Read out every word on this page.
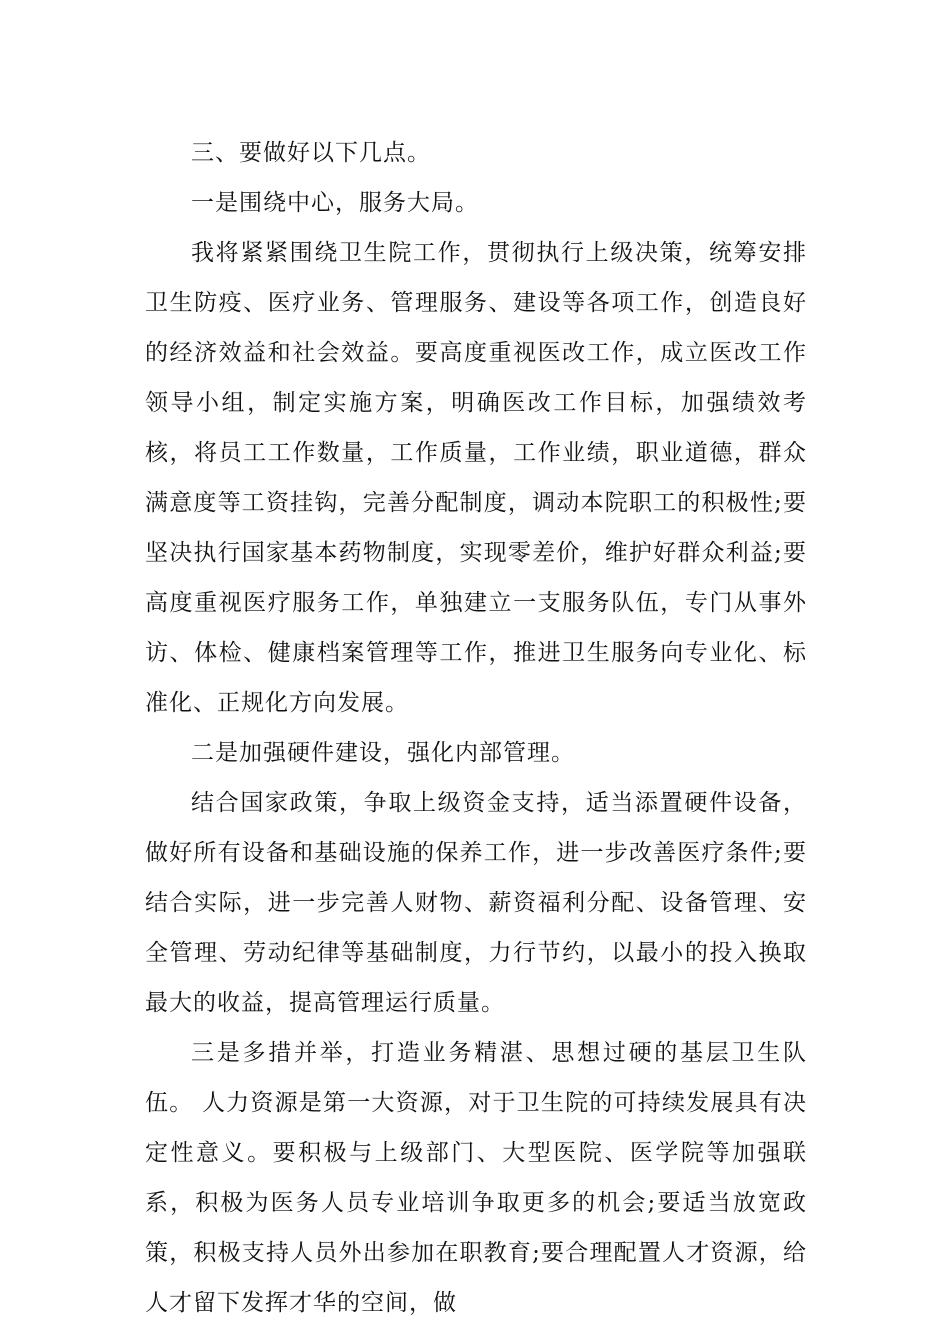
三、要做好以下几点。

一是围绕中心，服务大局。

我将紧紧围绕卫生院工作，贯彻执行上级决策，统筹安排卫生防疫、医疗业务、管理服务、建设等各项工作，创造良好的经济效益和社会效益。要高度重视医改工作，成立医改工作领导小组，制定实施方案，明确医改工作目标，加强绩效考核，将员工工作数量，工作质量，工作业绩，职业道德，群众满意度等工资挂钩，完善分配制度，调动本院职工的积极性;要坚决执行国家基本药物制度，实现零差价，维护好群众利益;要高度重视医疗服务工作，单独建立一支服务队伍，专门从事外访、体检、健康档案管理等工作，推进卫生服务向专业化、标准化、正规化方向发展。

二是加强硬件建设，强化内部管理。

结合国家政策，争取上级资金支持，适当添置硬件设备，做好所有设备和基础设施的保养工作，进一步改善医疗条件;要结合实际，进一步完善人财物、薪资福利分配、设备管理、安全管理、劳动纪律等基础制度，力行节约，以最小的投入换取最大的收益，提高管理运行质量。

三是多措并举，打造业务精湛、思想过硬的基层卫生队伍。 人力资源是第一大资源，对于卫生院的可持续发展具有决定性意义。要积极与上级部门、大型医院、医学院等加强联系，积极为医务人员专业培训争取更多的机会;要适当放宽政策，积极支持人员外出参加在职教育;要合理配置人才资源，给人才留下发挥才华的空间，做
